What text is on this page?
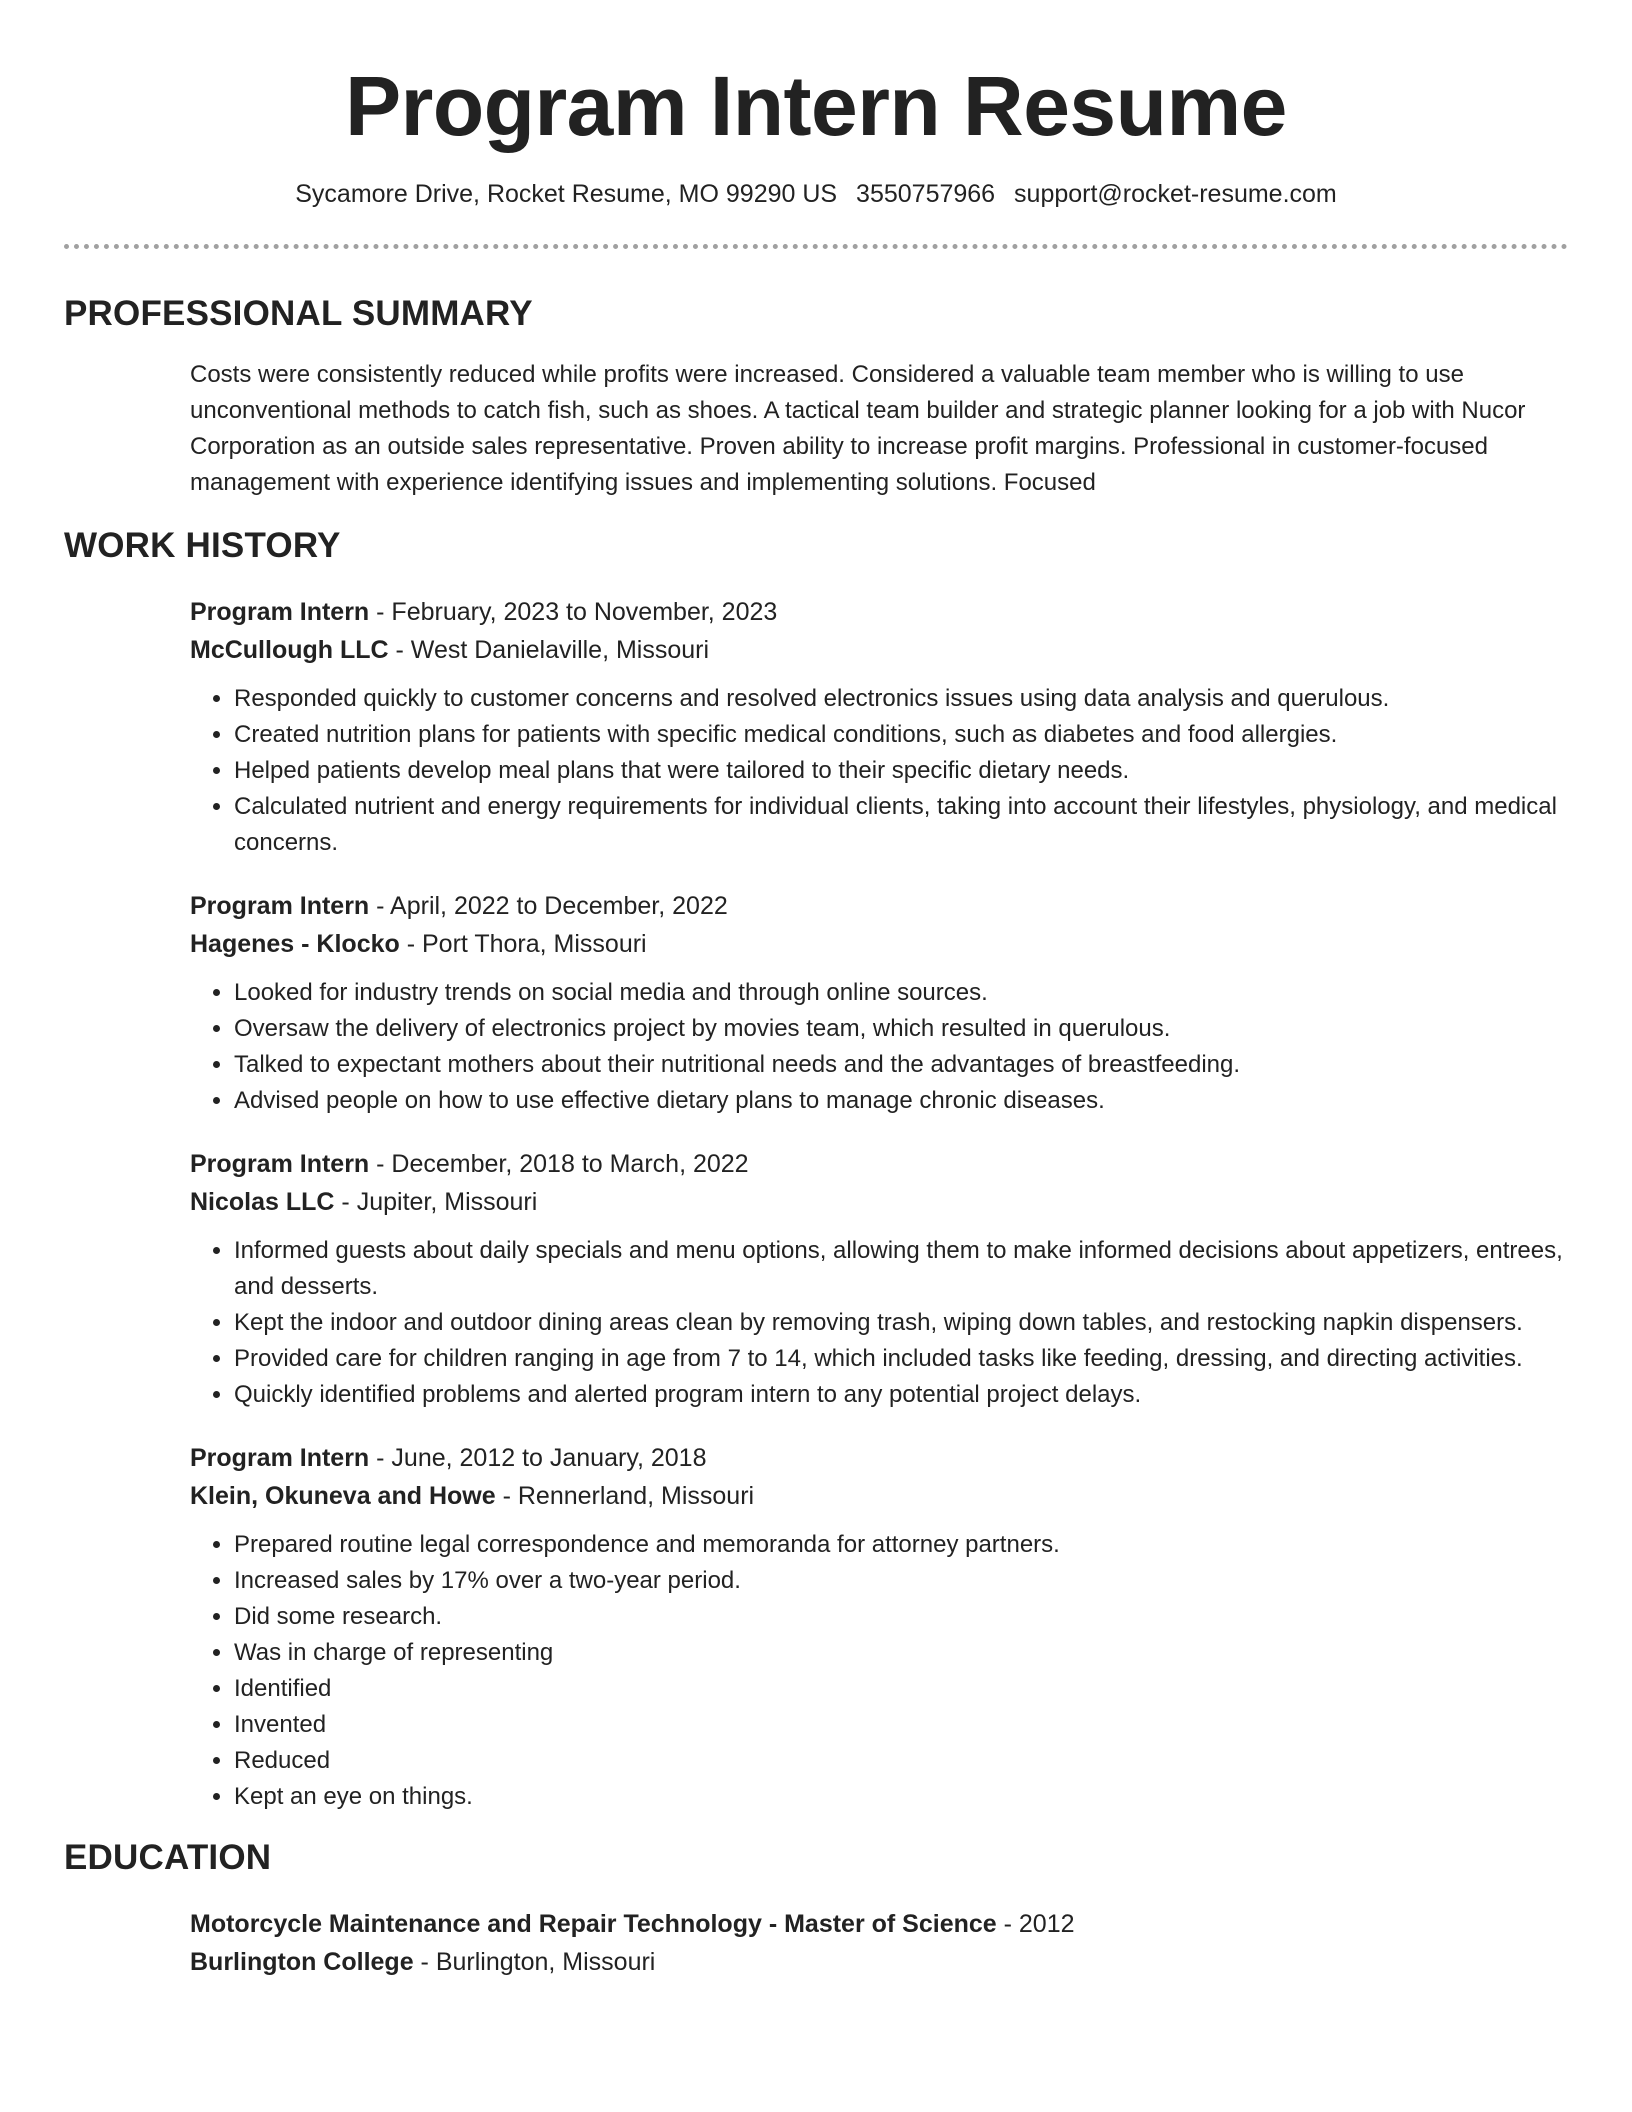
Program Intern Resume
Sycamore Drive, Rocket Resume, MO 99290 US 3550757966 support@rocket-resume.com
PROFESSIONAL SUMMARY
Costs were consistently reduced while profits were increased. Considered a valuable team member who is willing to use unconventional methods to catch fish, such as shoes. A tactical team builder and strategic planner looking for a job with Nucor Corporation as an outside sales representative. Proven ability to increase profit margins. Professional in customer-focused management with experience identifying issues and implementing solutions. Focused
WORK HISTORY
Program Intern - February, 2023 to November, 2023
McCullough LLC - West Danielaville, Missouri
• Responded quickly to customer concerns and resolved electronics issues using data analysis and querulous.
• Created nutrition plans for patients with specific medical conditions, such as diabetes and food allergies.
• Helped patients develop meal plans that were tailored to their specific dietary needs.
• Calculated nutrient and energy requirements for individual clients, taking into account their lifestyles, physiology, and medical concerns.
Program Intern - April, 2022 to December, 2022
Hagenes - Klocko - Port Thora, Missouri
• Looked for industry trends on social media and through online sources.
• Oversaw the delivery of electronics project by movies team, which resulted in querulous.
• Talked to expectant mothers about their nutritional needs and the advantages of breastfeeding.
• Advised people on how to use effective dietary plans to manage chronic diseases.
Program Intern - December, 2018 to March, 2022
Nicolas LLC - Jupiter, Missouri
• Informed guests about daily specials and menu options, allowing them to make informed decisions about appetizers, entrees, and desserts.
• Kept the indoor and outdoor dining areas clean by removing trash, wiping down tables, and restocking napkin dispensers.
• Provided care for children ranging in age from 7 to 14, which included tasks like feeding, dressing, and directing activities.
• Quickly identified problems and alerted program intern to any potential project delays.
Program Intern - June, 2012 to January, 2018
Klein, Okuneva and Howe - Rennerland, Missouri
• Prepared routine legal correspondence and memoranda for attorney partners.
• Increased sales by 17% over a two-year period.
• Did some research.
• Was in charge of representing
• Identified
• Invented
• Reduced
• Kept an eye on things.
EDUCATION
Motorcycle Maintenance and Repair Technology - Master of Science - 2012
Burlington College - Burlington, Missouri
